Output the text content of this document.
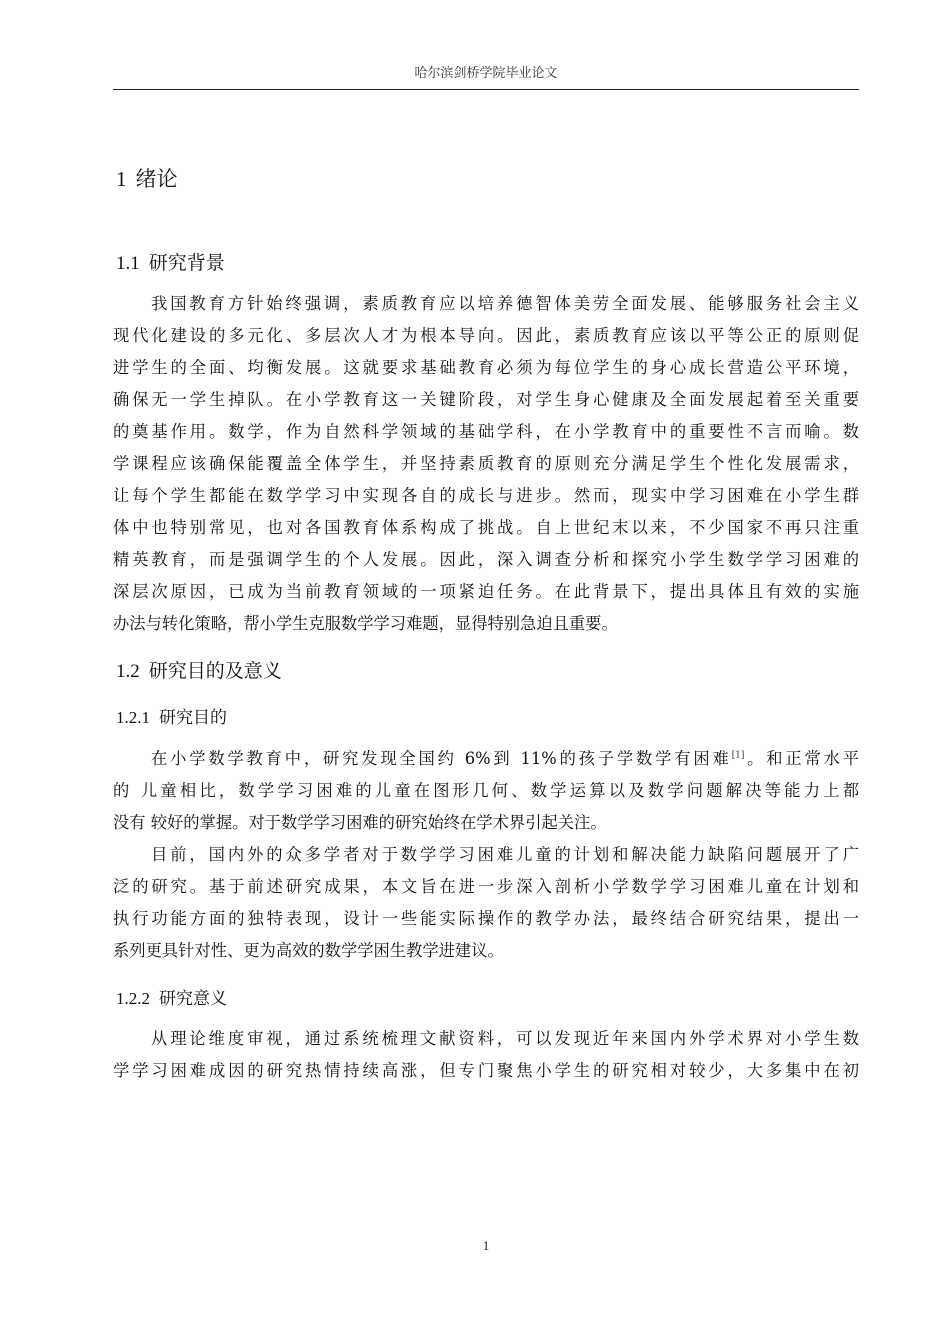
哈尔滨剑桥学院毕业论文
1 绪论
1.1 研究背景
我国教育方针始终强调，素质教育应以培养德智体美劳全面发展、能够服务社会主义
现代化建设的多元化、多层次人才为根本导向。因此，素质教育应该以平等公正的原则促
进学生的全面、均衡发展。这就要求基础教育必须为每位学生的身心成长营造公平环境，
确保无一学生掉队。在小学教育这一关键阶段，对学生身心健康及全面发展起着至关重要
的奠基作用。数学，作为自然科学领域的基础学科，在小学教育中的重要性不言而喻。数
学课程应该确保能覆盖全体学生，并坚持素质教育的原则充分满足学生个性化发展需求，
让每个学生都能在数学学习中实现各自的成长与进步。然而，现实中学习困难在小学生群
体中也特别常见，也对各国教育体系构成了挑战。自上世纪末以来，不少国家不再只注重
精英教育，而是强调学生的个人发展。因此，深入调查分析和探究小学生数学学习困难的
深层次原因，已成为当前教育领域的一项紧迫任务。在此背景下，提出具体且有效的实施
办法与转化策略，帮小学生克服数学学习难题，显得特别急迫且重要。
1.2 研究目的及意义
1.2.1 研究目的
在小学数学教育中，研究发现全国约 6%到 11%的孩子学数学有困难[1]。和正常水平
的 儿童相比，数学学习困难的儿童在图形几何、数学运算以及数学问题解决等能力上都
没有 较好的掌握。对于数学学习困难的研究始终在学术界引起关注。
目前，国内外的众多学者对于数学学习困难儿童的计划和解决能力缺陷问题展开了广
泛的研究。基于前述研究成果，本文旨在进一步深入剖析小学数学学习困难儿童在计划和
执行功能方面的独特表现，设计一些能实际操作的教学办法，最终结合研究结果，提出一
系列更具针对性、更为高效的数学学困生教学进建议。
1.2.2 研究意义
从理论维度审视，通过系统梳理文献资料，可以发现近年来国内外学术界对小学生数
学学习困难成因的研究热情持续高涨，但专门聚焦小学生的研究相对较少，大多集中在初
1
